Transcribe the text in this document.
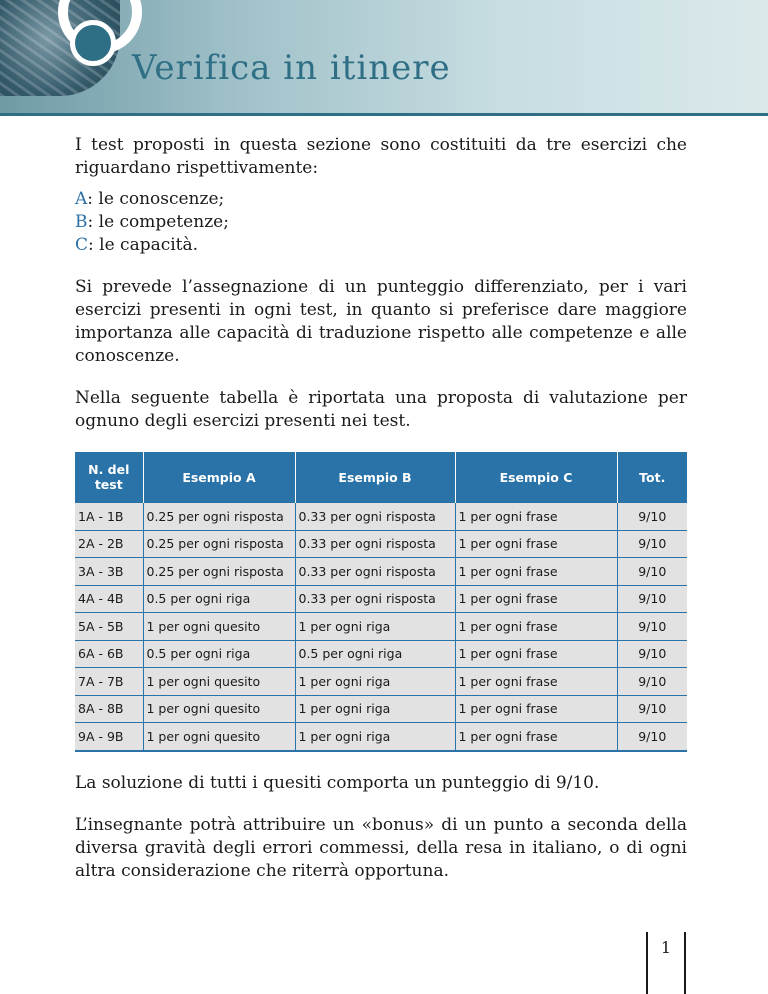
Verifica in itinere

I test proposti in questa sezione sono costituiti da tre esercizi che riguardano rispettivamente:

A: le conoscenze;
B: le competenze;
C: le capacità.

Si prevede l’assegnazione di un punteggio differenziato, per i vari esercizi presenti in ogni test, in quanto si preferisce dare maggiore importanza alle capacità di traduzione rispetto alle competenze e alle conoscenze.

Nella seguente tabella è riportata una proposta di valutazione per ognuno degli esercizi presenti nei test.

N. del test	Esempio A	Esempio B	Esempio C	Tot.
1A - 1B	0.25 per ogni risposta	0.33 per ogni risposta	1 per ogni frase	9/10
2A - 2B	0.25 per ogni risposta	0.33 per ogni risposta	1 per ogni frase	9/10
3A - 3B	0.25 per ogni risposta	0.33 per ogni risposta	1 per ogni frase	9/10
4A - 4B	0.5 per ogni riga	0.33 per ogni risposta	1 per ogni frase	9/10
5A - 5B	1 per ogni quesito	1 per ogni riga	1 per ogni frase	9/10
6A - 6B	0.5 per ogni riga	0.5 per ogni riga	1 per ogni frase	9/10
7A - 7B	1 per ogni quesito	1 per ogni riga	1 per ogni frase	9/10
8A - 8B	1 per ogni quesito	1 per ogni riga	1 per ogni frase	9/10
9A - 9B	1 per ogni quesito	1 per ogni riga	1 per ogni frase	9/10

La soluzione di tutti i quesiti comporta un punteggio di 9/10.

L’insegnante potrà attribuire un «bonus» di un punto a seconda della diversa gravità degli errori commessi, della resa in italiano, o di ogni altra considerazione che riterrà opportuna.

1
